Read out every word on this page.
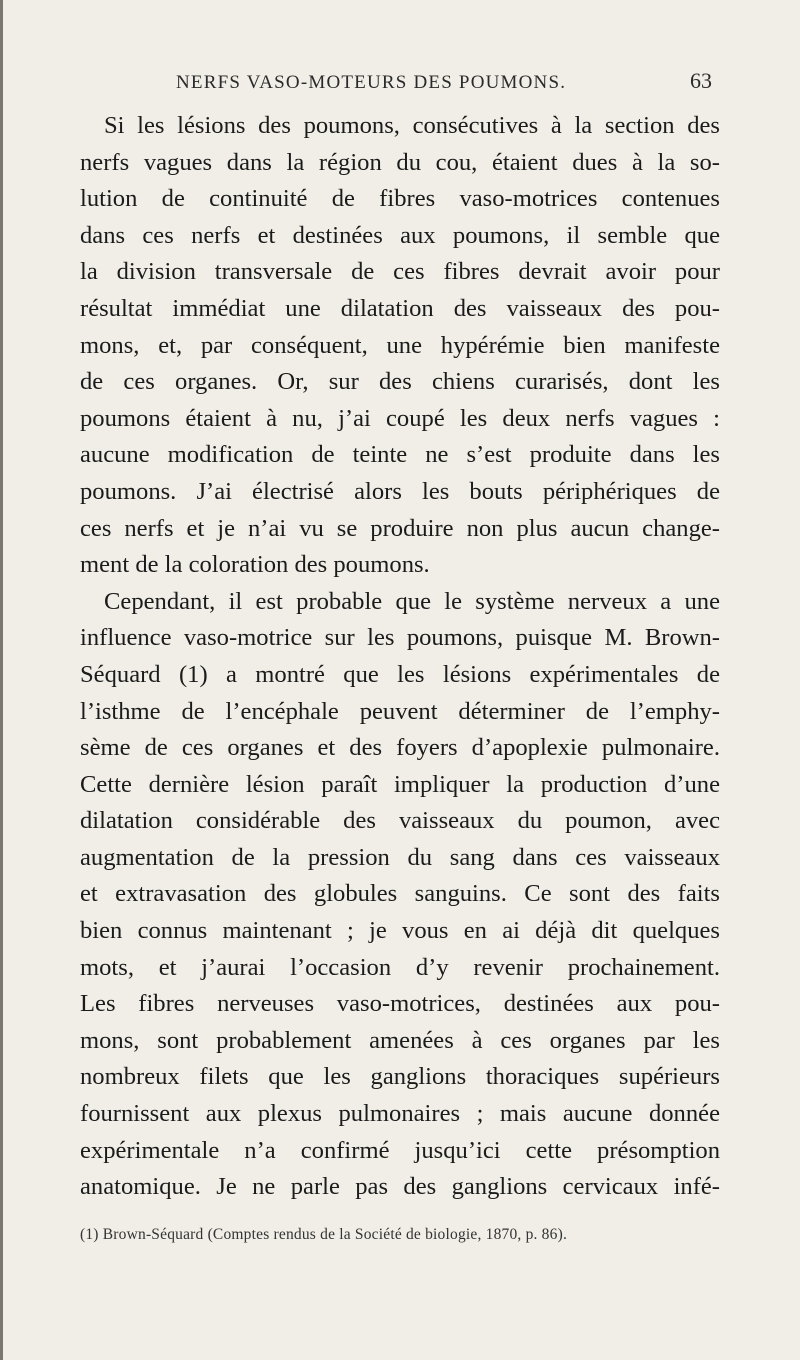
NERFS VASO-MOTEURS DES POUMONS.	63
Si les lésions des poumons, consécutives à la section des
nerfs vagues dans la région du cou, étaient dues à la so-
lution de continuité de fibres vaso-motrices contenues
dans ces nerfs et destinées aux poumons, il semble que
la division transversale de ces fibres devrait avoir pour
résultat immédiat une dilatation des vaisseaux des pou-
mons, et, par conséquent, une hypérémie bien manifeste
de ces organes. Or, sur des chiens curarisés, dont les
poumons étaient à nu, j’ai coupé les deux nerfs vagues :
aucune modification de teinte ne s’est produite dans les
poumons. J’ai électrisé alors les bouts périphériques de
ces nerfs et je n’ai vu se produire non plus aucun change-
ment de la coloration des poumons.
Cependant, il est probable que le système nerveux a une
influence vaso-motrice sur les poumons, puisque M. Brown-
Séquard (1) a montré que les lésions expérimentales de
l’isthme de l’encéphale peuvent déterminer de l’emphy-
sème de ces organes et des foyers d’apoplexie pulmonaire.
Cette dernière lésion paraît impliquer la production d’une
dilatation considérable des vaisseaux du poumon, avec
augmentation de la pression du sang dans ces vaisseaux
et extravasation des globules sanguins. Ce sont des faits
bien connus maintenant ; je vous en ai déjà dit quelques
mots, et j’aurai l’occasion d’y revenir prochainement.
Les fibres nerveuses vaso-motrices, destinées aux pou-
mons, sont probablement amenées à ces organes par les
nombreux filets que les ganglions thoraciques supérieurs
fournissent aux plexus pulmonaires ; mais aucune donnée
expérimentale n’a confirmé jusqu’ici cette présomption
anatomique. Je ne parle pas des ganglions cervicaux infé-
(1) Brown-Séquard (Comptes rendus de la Société de biologie, 1870, p. 86).
